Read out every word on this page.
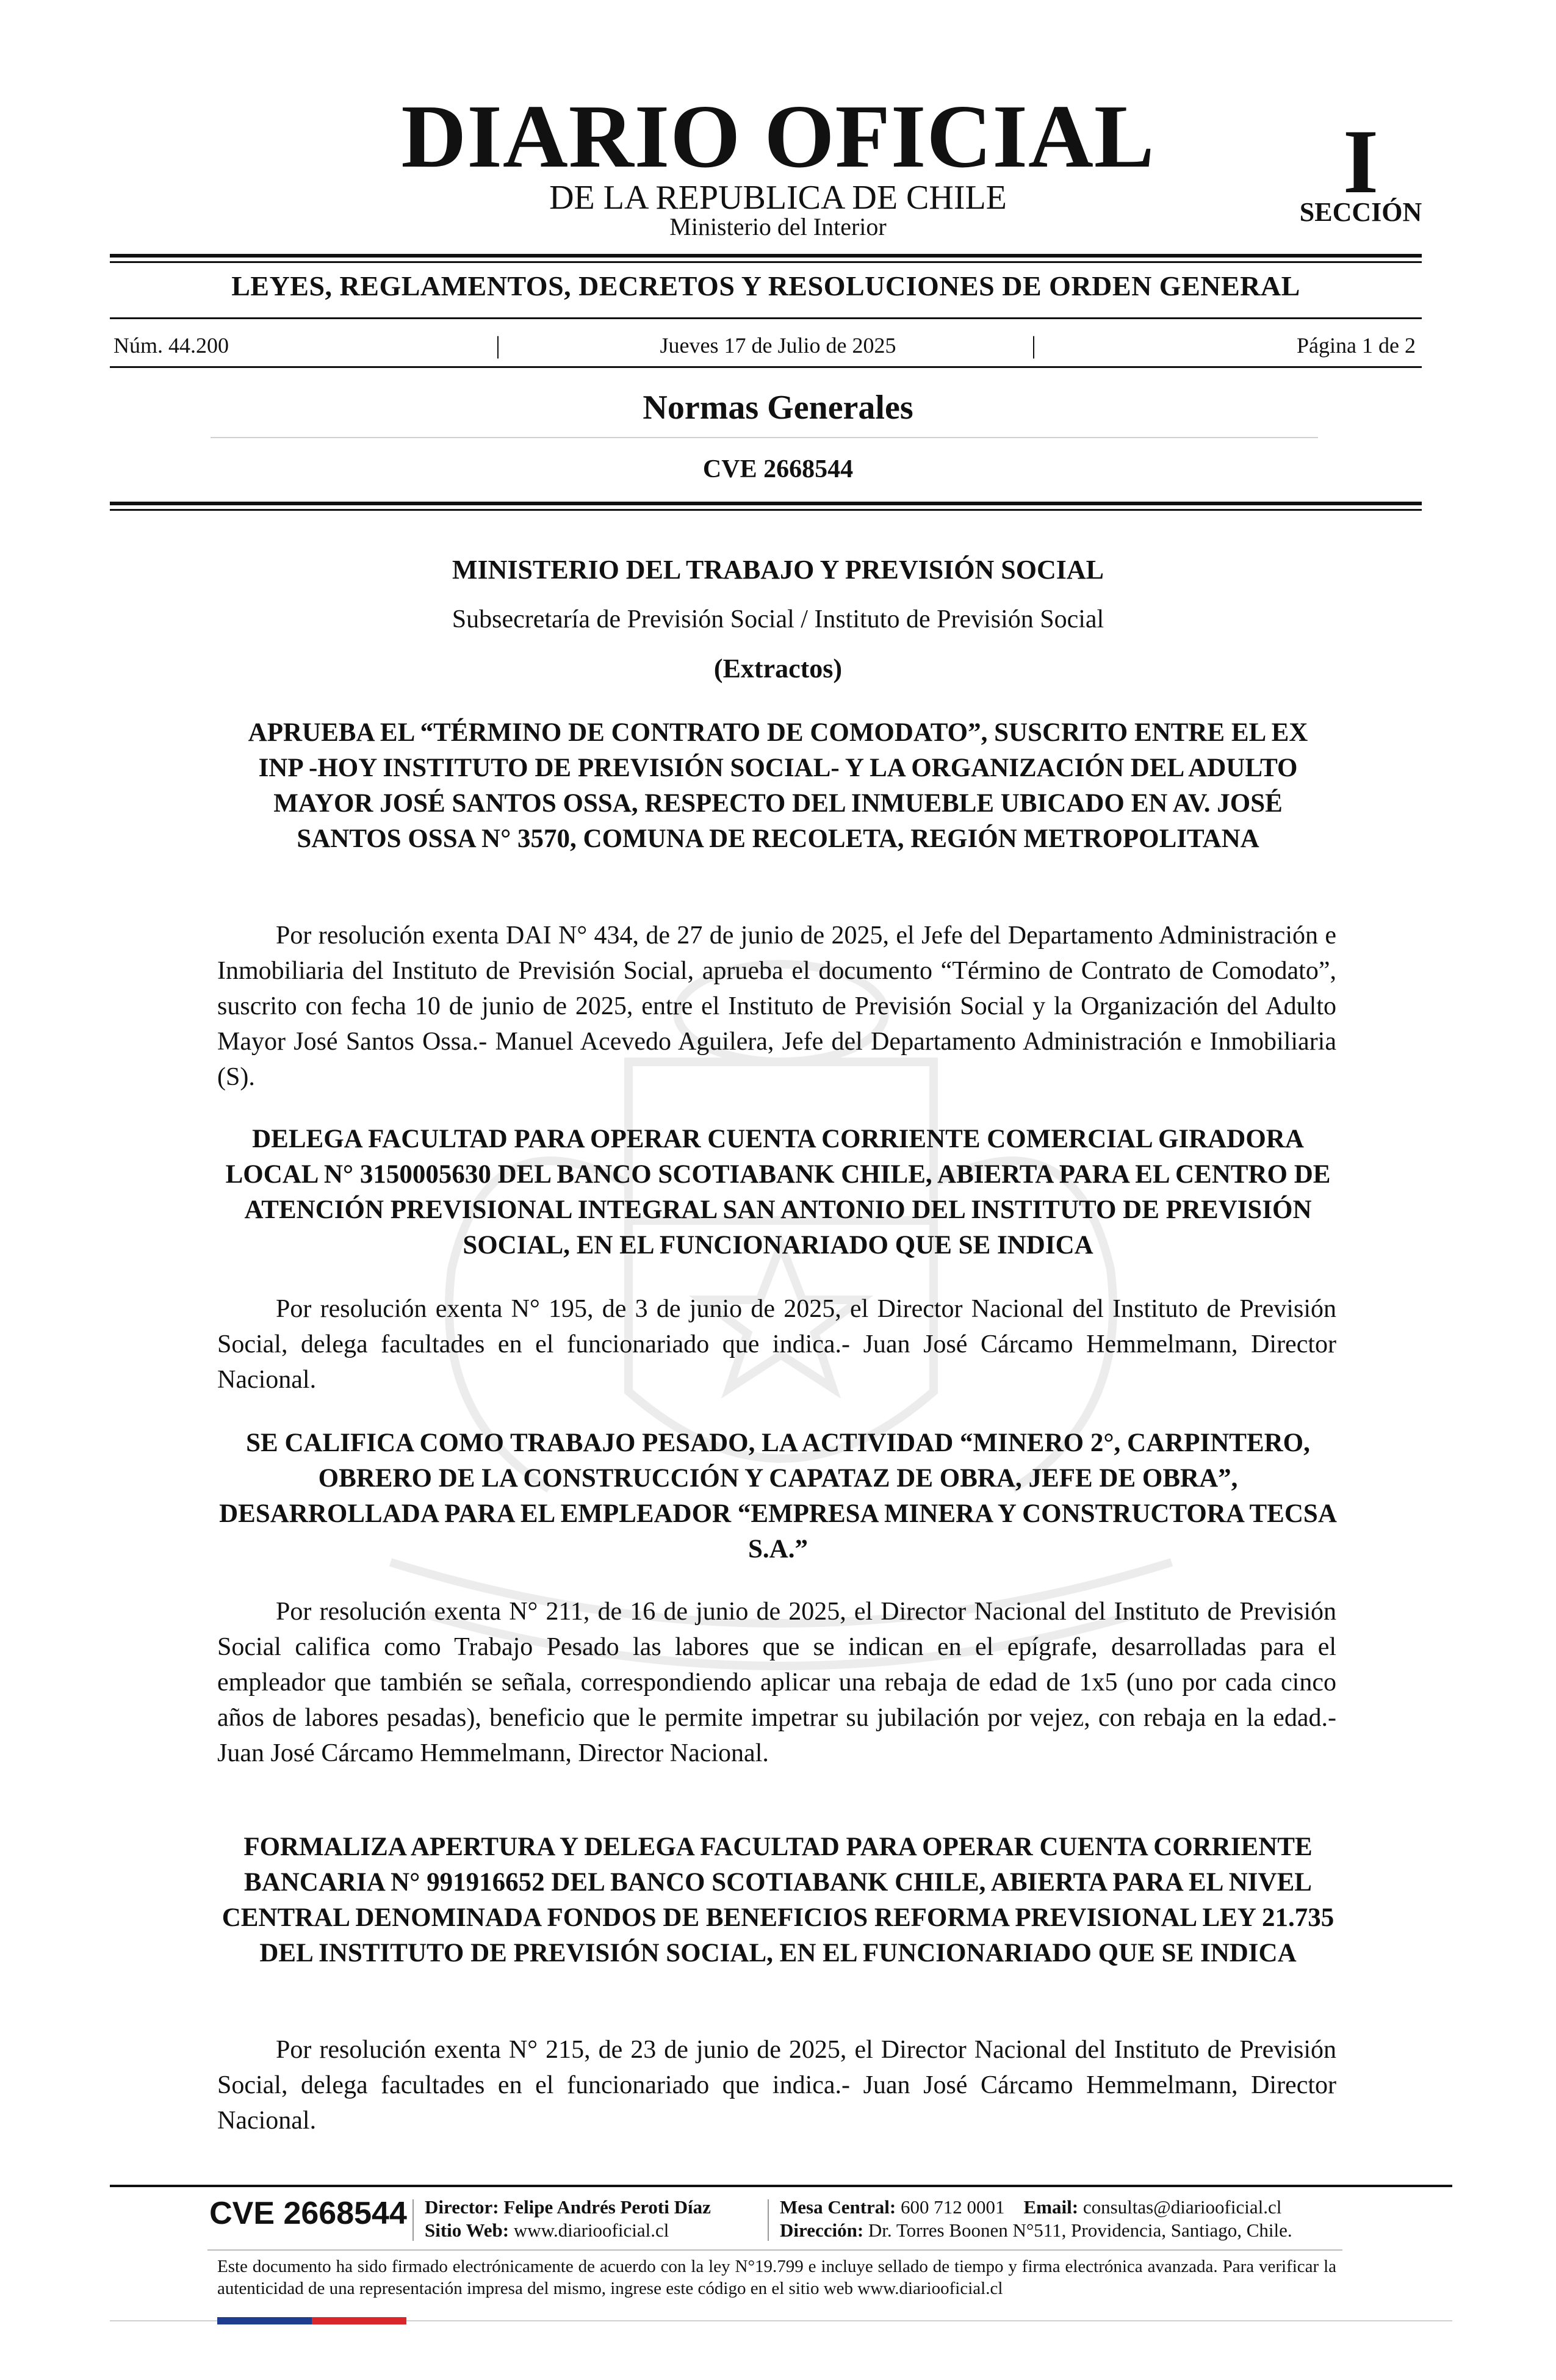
DIARIO OFICIAL
DE LA REPUBLICA DE CHILE
Ministerio del Interior
I
SECCIÓN
LEYES, REGLAMENTOS, DECRETOS Y RESOLUCIONES DE ORDEN GENERAL
Núm. 44.200	|	Jueves 17 de Julio de 2025	|	Página 1 de 2
Normas Generales
CVE 2668544
MINISTERIO DEL TRABAJO Y PREVISIÓN SOCIAL
Subsecretaría de Previsión Social / Instituto de Previsión Social
(Extractos)
APRUEBA EL “TÉRMINO DE CONTRATO DE COMODATO”, SUSCRITO ENTRE EL EX INP -HOY INSTITUTO DE PREVISIÓN SOCIAL- Y LA ORGANIZACIÓN DEL ADULTO MAYOR JOSÉ SANTOS OSSA, RESPECTO DEL INMUEBLE UBICADO EN AV. JOSÉ SANTOS OSSA N° 3570, COMUNA DE RECOLETA, REGIÓN METROPOLITANA
Por resolución exenta DAI N° 434, de 27 de junio de 2025, el Jefe del Departamento Administración e Inmobiliaria del Instituto de Previsión Social, aprueba el documento “Término de Contrato de Comodato”, suscrito con fecha 10 de junio de 2025, entre el Instituto de Previsión Social y la Organización del Adulto Mayor José Santos Ossa.- Manuel Acevedo Aguilera, Jefe del Departamento Administración e Inmobiliaria (S).
DELEGA FACULTAD PARA OPERAR CUENTA CORRIENTE COMERCIAL GIRADORA LOCAL N° 3150005630 DEL BANCO SCOTIABANK CHILE, ABIERTA PARA EL CENTRO DE ATENCIÓN PREVISIONAL INTEGRAL SAN ANTONIO DEL INSTITUTO DE PREVISIÓN SOCIAL, EN EL FUNCIONARIADO QUE SE INDICA
Por resolución exenta N° 195, de 3 de junio de 2025, el Director Nacional del Instituto de Previsión Social, delega facultades en el funcionariado que indica.- Juan José Cárcamo Hemmelmann, Director Nacional.
SE CALIFICA COMO TRABAJO PESADO, LA ACTIVIDAD “MINERO 2°, CARPINTERO, OBRERO DE LA CONSTRUCCIÓN Y CAPATAZ DE OBRA, JEFE DE OBRA”, DESARROLLADA PARA EL EMPLEADOR “EMPRESA MINERA Y CONSTRUCTORA TECSA S.A.”
Por resolución exenta N° 211, de 16 de junio de 2025, el Director Nacional del Instituto de Previsión Social califica como Trabajo Pesado las labores que se indican en el epígrafe, desarrolladas para el empleador que también se señala, correspondiendo aplicar una rebaja de edad de 1x5 (uno por cada cinco años de labores pesadas), beneficio que le permite impetrar su jubilación por vejez, con rebaja en la edad.- Juan José Cárcamo Hemmelmann, Director Nacional.
FORMALIZA APERTURA Y DELEGA FACULTAD PARA OPERAR CUENTA CORRIENTE BANCARIA N° 991916652 DEL BANCO SCOTIABANK CHILE, ABIERTA PARA EL NIVEL CENTRAL DENOMINADA FONDOS DE BENEFICIOS REFORMA PREVISIONAL LEY 21.735 DEL INSTITUTO DE PREVISIÓN SOCIAL, EN EL FUNCIONARIADO QUE SE INDICA
Por resolución exenta N° 215, de 23 de junio de 2025, el Director Nacional del Instituto de Previsión Social, delega facultades en el funcionariado que indica.- Juan José Cárcamo Hemmelmann, Director Nacional.
CVE 2668544 Director: Felipe Andrés Peroti Díaz
Sitio Web: www.diariooficial.cl
Mesa Central: 600 712 0001 Email: consultas@diariooficial.cl
Dirección: Dr. Torres Boonen N°511, Providencia, Santiago, Chile.
Este documento ha sido firmado electrónicamente de acuerdo con la ley N°19.799 e incluye sellado de tiempo y firma electrónica avanzada. Para verificar la autenticidad de una representación impresa del mismo, ingrese este código en el sitio web www.diariooficial.cl
